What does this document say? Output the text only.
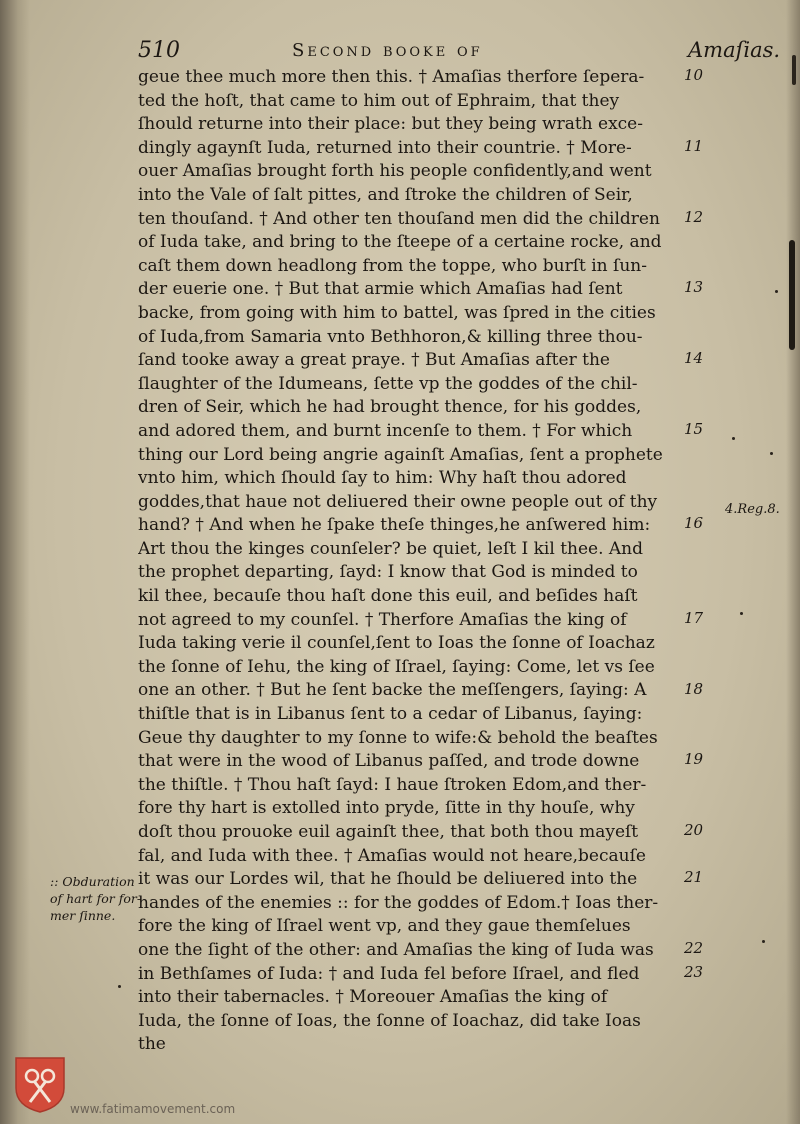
510	Second booke of	Amaſias.
geue thee much more then this. † Amaſias therfore ſepera-
ted the hoſt, that came to him out of Ephraim, that they
ſhould returne into their place: but they being wrath exce-
dingly agaynſt Iuda, returned into their countrie. † More-
ouer Amaſias brought forth his people confidently,and went
into the Vale of ſalt pittes, and ſtroke the children of Seir,
ten thouſand. † And other ten thouſand men did the children
of Iuda take, and bring to the ſteepe of a certaine rocke, and
caſt them down headlong from the toppe, who burſt in ſun-
der euerie one. † But that armie which Amaſias had ſent
backe, from going with him to battel, was ſpred in the cities
of Iuda,from Samaria vnto Bethhoron,& killing three thou-
ſand tooke away a great praye. † But Amaſias after the
ſlaughter of the Idumeans, ſette vp the goddes of the chil-
dren of Seir, which he had brought thence, for his goddes,
and adored them, and burnt incenſe to them. † For which
thing our Lord being angrie againſt Amaſias, ſent a prophete
vnto him, which ſhould ſay to him: Why haſt thou adored
goddes,that haue not deliuered their owne people out of thy
hand? † And when he ſpake theſe thinges,he anſwered him:
Art thou the kinges counſeler? be quiet, leſt I kil thee. And
the prophet departing, ſayd: I know that God is minded to
kil thee, becauſe thou haſt done this euil, and beſides haſt
not agreed to my counſel. † Therfore Amaſias the king of
Iuda taking verie il counſel,ſent to Ioas the ſonne of Ioachaz
the ſonne of Iehu, the king of Iſrael, ſaying: Come, let vs ſee
one an other. † But he ſent backe the meſſengers, ſaying: A
thiſtle that is in Libanus ſent to a cedar of Libanus, ſaying:
Geue thy daughter to my ſonne to wife:& behold the beaſtes
that were in the wood of Libanus paſſed, and trode downe
the thiſtle. † Thou haſt ſayd: I haue ſtroken Edom,and ther-
fore thy hart is extolled into pryde, ſitte in thy houſe, why
doſt thou prouoke euil againſt thee, that both thou mayeſt
fal, and Iuda with thee. † Amaſias would not heare,becauſe
it was our Lordes wil, that he ſhould be deliuered into the
handes of the enemies :: for the goddes of Edom.† Ioas ther-
fore the king of Iſrael went vp, and they gaue themſelues
one the ſight of the other: and Amaſias the king of Iuda was
in Bethſames of Iuda: † and Iuda fel before Iſrael, and fled
into their tabernacles. † Moreouer Amaſias the king of
Iuda, the ſonne of Ioas, the ſonne of Ioachaz, did take Ioas
the
10
11
12
13
14
15
16
17
18
19
20
21
22
23
4.Reg.8.
:: Obduration
of hart for for-
mer ſinne.
www.fatimamovement.com
